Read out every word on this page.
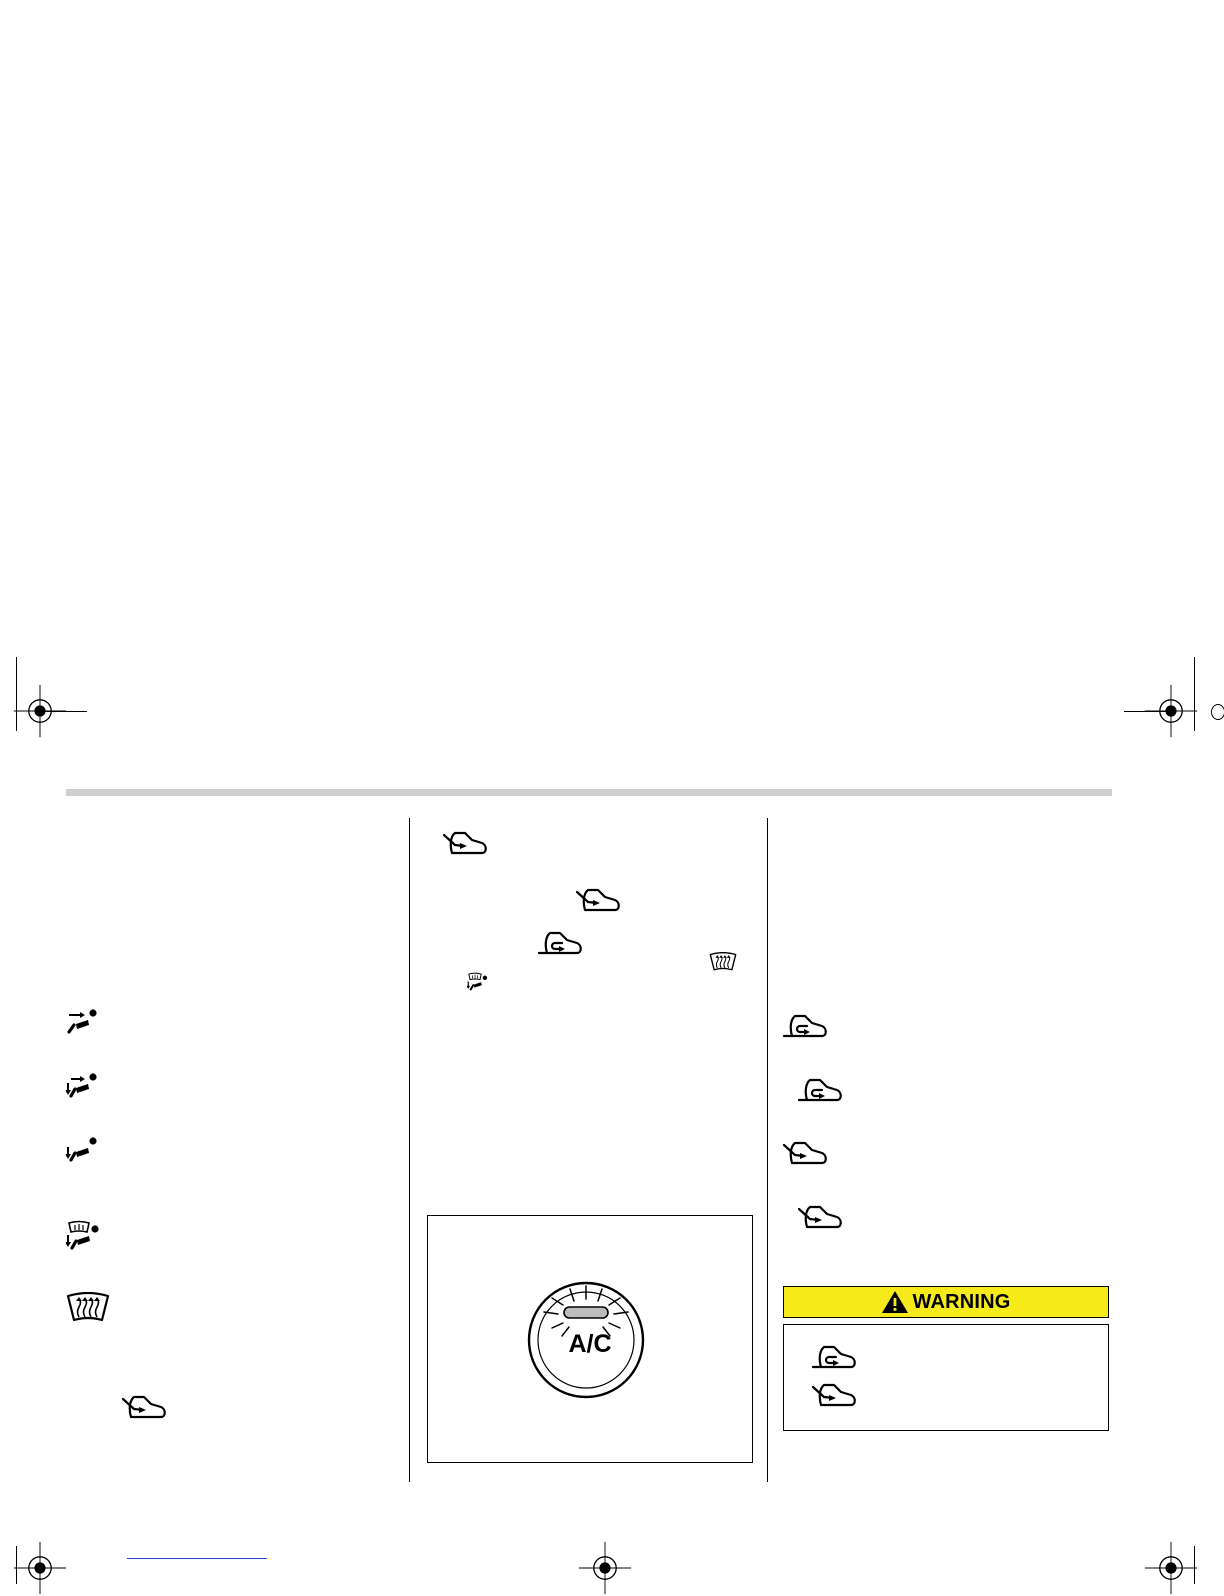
A/C
WARNING
